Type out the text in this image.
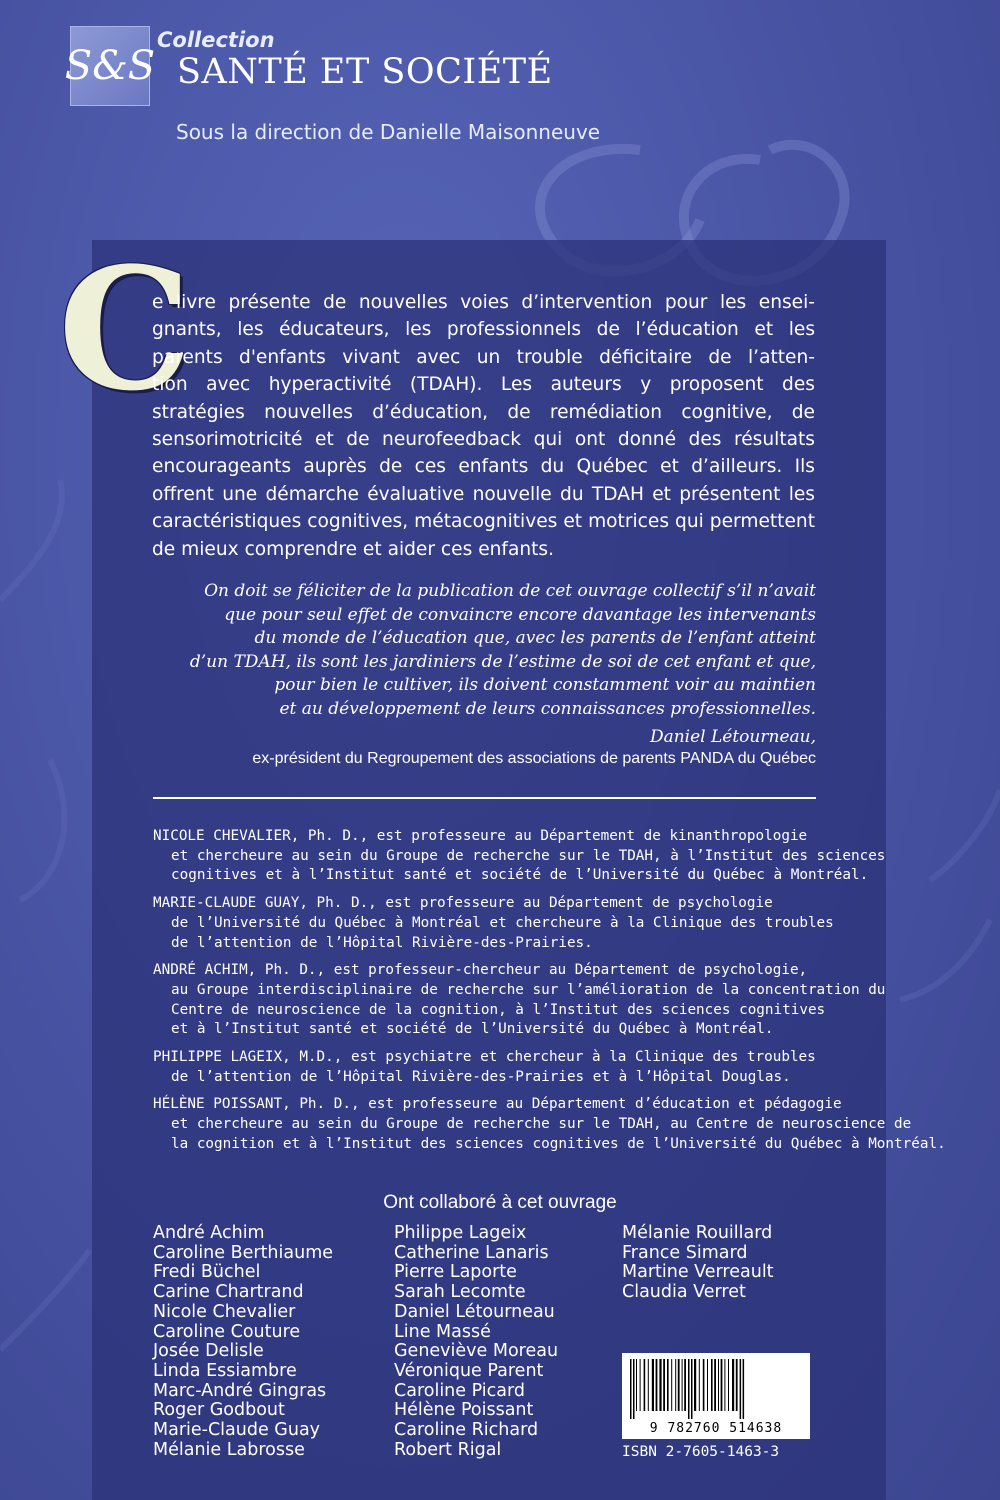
S&S
Collection
SANTÉ ET SOCIÉTÉ
Sous la direction de Danielle Maisonneuve
C

e livre présente de nouvelles voies d’intervention pour les ensei-
gnants, les éducateurs, les professionnels de l’éducation et les
parents d'enfants vivant avec un trouble déficitaire de l’atten-
tion avec hyperactivité (TDAH). Les auteurs y proposent des
stratégies nouvelles d’éducation, de remédiation cognitive, de
sensorimotricité et de neurofeedback qui ont donné des résultats
encourageants auprès de ces enfants du Québec et d’ailleurs. Ils
offrent une démarche évaluative nouvelle du TDAH et présentent les
caractéristiques cognitives, métacognitives et motrices qui permettent
de mieux comprendre et aider ces enfants.

On doit se féliciter de la publication de cet ouvrage collectif s’il n’avait
que pour seul effet de convaincre encore davantage les intervenants
du monde de l’éducation que, avec les parents de l’enfant atteint
d’un TDAH, ils sont les jardiniers de l’estime de soi de cet enfant et que,
pour bien le cultiver, ils doivent constamment voir au maintien
et au développement de leurs connaissances professionnelles.

Daniel Létourneau,

ex-président du Regroupement des associations de parents PANDA du Québec

NICOLE CHEVALIER, Ph. D., est professeure au Département de kinanthropologie
et chercheure au sein du Groupe de recherche sur le TDAH, à l’Institut des sciences
cognitives et à l’Institut santé et société de l’Université du Québec à Montréal.

MARIE-CLAUDE GUAY, Ph. D., est professeure au Département de psychologie
de l’Université du Québec à Montréal et chercheure à la Clinique des troubles
de l’attention de l’Hôpital Rivière-des-Prairies.

ANDRÉ ACHIM, Ph. D., est professeur-chercheur au Département de psychologie,
au Groupe interdisciplinaire de recherche sur l’amélioration de la concentration du
Centre de neuroscience de la cognition, à l’Institut des sciences cognitives
et à l’Institut santé et société de l’Université du Québec à Montréal.

PHILIPPE LAGEIX, M.D., est psychiatre et chercheur à la Clinique des troubles
de l’attention de l’Hôpital Rivière-des-Prairies et à l’Hôpital Douglas.

HÉLÈNE POISSANT, Ph. D., est professeure au Département d’éducation et pédagogie
et chercheure au sein du Groupe de recherche sur le TDAH, au Centre de neuroscience de
la cognition et à l’Institut des sciences cognitives de l’Université du Québec à Montréal.

Ont collaboré à cet ouvrage
André Achim
Caroline Berthiaume
Fredi Büchel
Carine Chartrand
Nicole Chevalier
Caroline Couture
Josée Delisle
Linda Essiambre
Marc-André Gingras
Roger Godbout
Marie-Claude Guay
Mélanie Labrosse
Philippe Lageix
Catherine Lanaris
Pierre Laporte
Sarah Lecomte
Daniel Létourneau
Line Massé
Geneviève Moreau
Véronique Parent
Caroline Picard
Hélène Poissant
Caroline Richard
Robert Rigal
Mélanie Rouillard
France Simard
Martine Verreault
Claudia Verret
9 782760 514638
ISBN 2-7605-1463-3
